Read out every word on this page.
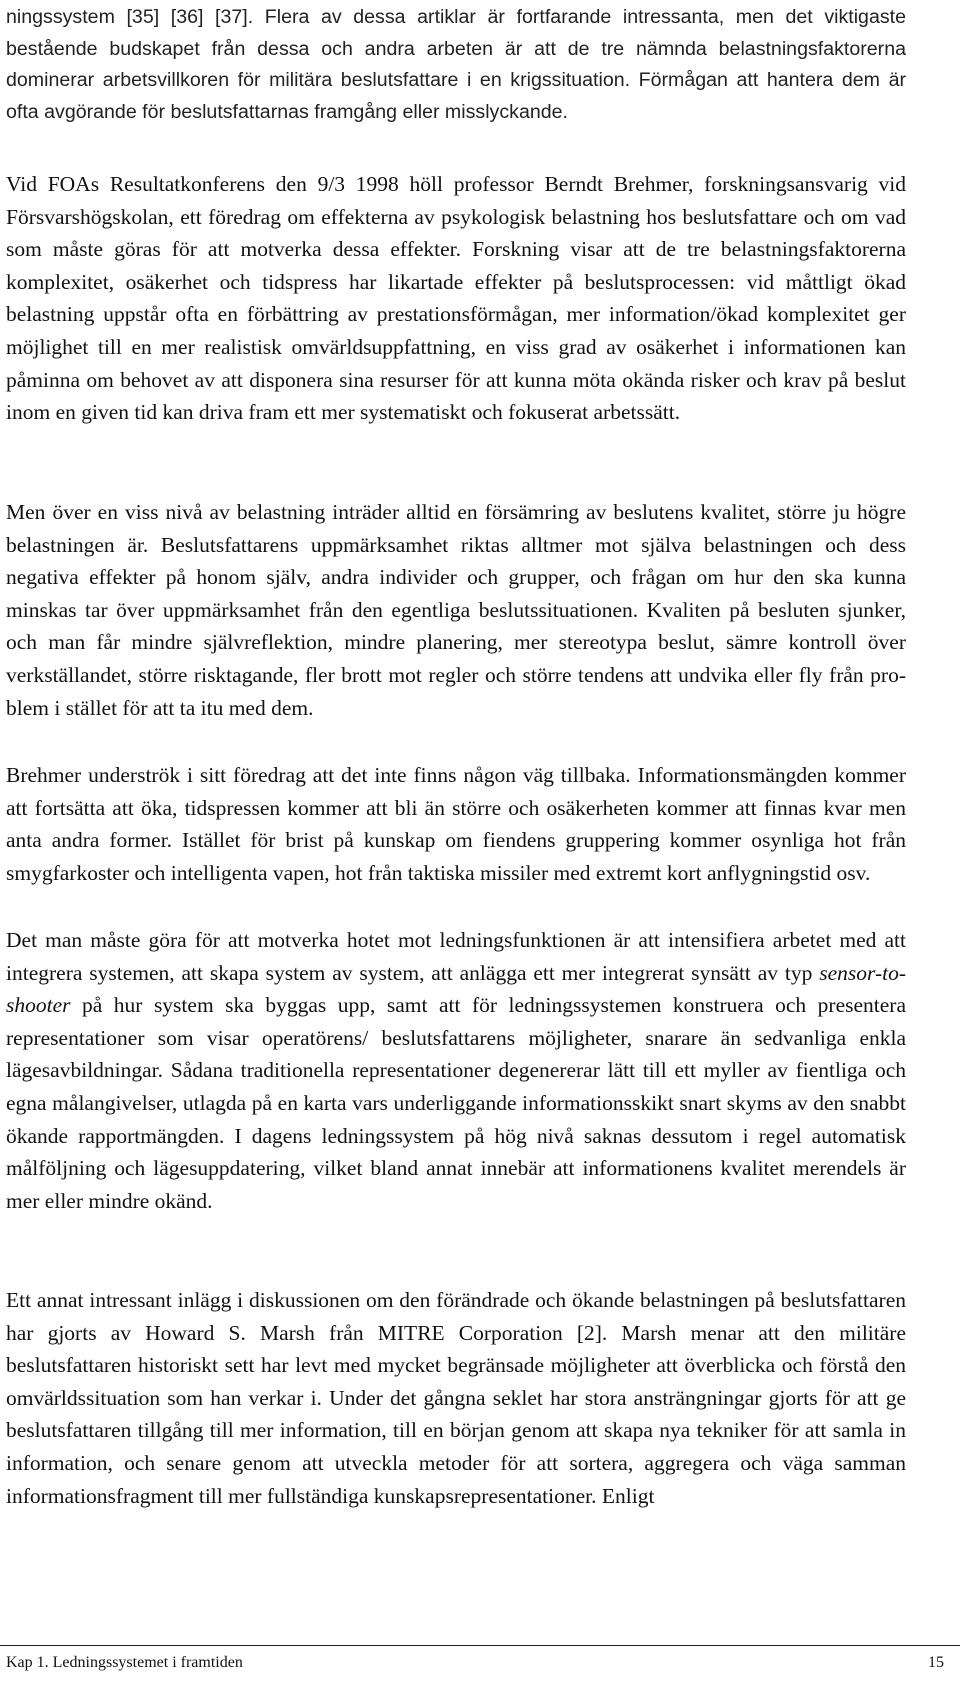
ningssystem [35] [36] [37]. Flera av dessa artiklar är fortfarande intressanta, men det viktigaste bestående budskapet från dessa och andra arbeten är att de tre nämnda belastningsfaktorerna dominerar arbetsvillkoren för militära beslutsfattare i en krigssituation. Förmågan att hantera dem är ofta avgörande för beslutsfattarnas framgång eller misslyckande.

Vid FOAs Resultatkonferens den 9/3 1998 höll professor Berndt Brehmer, forskningsansvarig vid Försvarshögskolan, ett föredrag om effekterna av psykologisk belastning hos beslutsfattare och om vad som måste göras för att motverka dessa effekter. Forskning visar att de tre belastningsfaktorerna komplexitet, osäkerhet och tidspress har likartade effekter på beslutsprocessen: vid måttligt ökad belastning uppstår ofta en förbättring av prestationsförmågan, mer information/ökad komplexitet ger möjlighet till en mer realistisk omvärldsuppfattning, en viss grad av osäkerhet i informationen kan påminna om behovet av att disponera sina resurser för att kunna möta okända risker och krav på beslut inom en given tid kan driva fram ett mer systematiskt och fokuserat arbetssätt.

Men över en viss nivå av belastning inträder alltid en försämring av beslutens kvalitet, större ju högre belastningen är. Beslutsfattarens uppmärksamhet riktas alltmer mot själva belastningen och dess negativa effekter på honom själv, andra individer och grupper, och frågan om hur den ska kunna minskas tar över uppmärksamhet från den egentliga beslutssituationen. Kvaliten på besluten sjunker, och man får mindre självreflektion, mindre planering, mer stereotypa beslut, sämre kontroll över verkställandet, större risktagande, fler brott mot regler och större tendens att undvika eller fly från problem i stället för att ta itu med dem.

Brehmer underströk i sitt föredrag att det inte finns någon väg tillbaka. Informationsmängden kommer att fortsätta att öka, tidspressen kommer att bli än större och osäkerheten kommer att finnas kvar men anta andra former. Istället för brist på kunskap om fiendens gruppering kommer osynliga hot från smygfarkoster och intelligenta vapen, hot från taktiska missiler med extremt kort anflygningstid osv.

Det man måste göra för att motverka hotet mot ledningsfunktionen är att intensifiera arbetet med att integrera systemen, att skapa system av system, att anlägga ett mer integrerat synsätt av typ sensor-to-shooter på hur system ska byggas upp, samt att för ledningssystemen konstruera och presentera representationer som visar operatörens/ beslutsfattarens möjligheter, snarare än sedvanliga enkla lägesavbildningar. Sådana traditionella representationer degenererar lätt till ett myller av fientliga och egna målangivelser, utlagda på en karta vars underliggande informationsskikt snart skyms av den snabbt ökande rapportmängden. I dagens ledningssystem på hög nivå saknas dessutom i regel automatisk målföljning och lägesuppdatering, vilket bland annat innebär att informationens kvalitet merendels är mer eller mindre okänd.

Ett annat intressant inlägg i diskussionen om den förändrade och ökande belastningen på beslutsfattaren har gjorts av Howard S. Marsh från MITRE Corporation [2]. Marsh menar att den militäre beslutsfattaren historiskt sett har levt med mycket begränsade möjligheter att överblicka och förstå den omvärldssituation som han verkar i. Under det gångna seklet har stora ansträngningar gjorts för att ge beslutsfattaren tillgång till mer information, till en början genom att skapa nya tekniker för att samla in information, och senare genom att utveckla metoder för att sortera, aggregera och väga samman informationsfragment till mer fullständiga kunskapsrepresentationer. Enligt

Kap 1. Ledningssystemet i framtiden	15
